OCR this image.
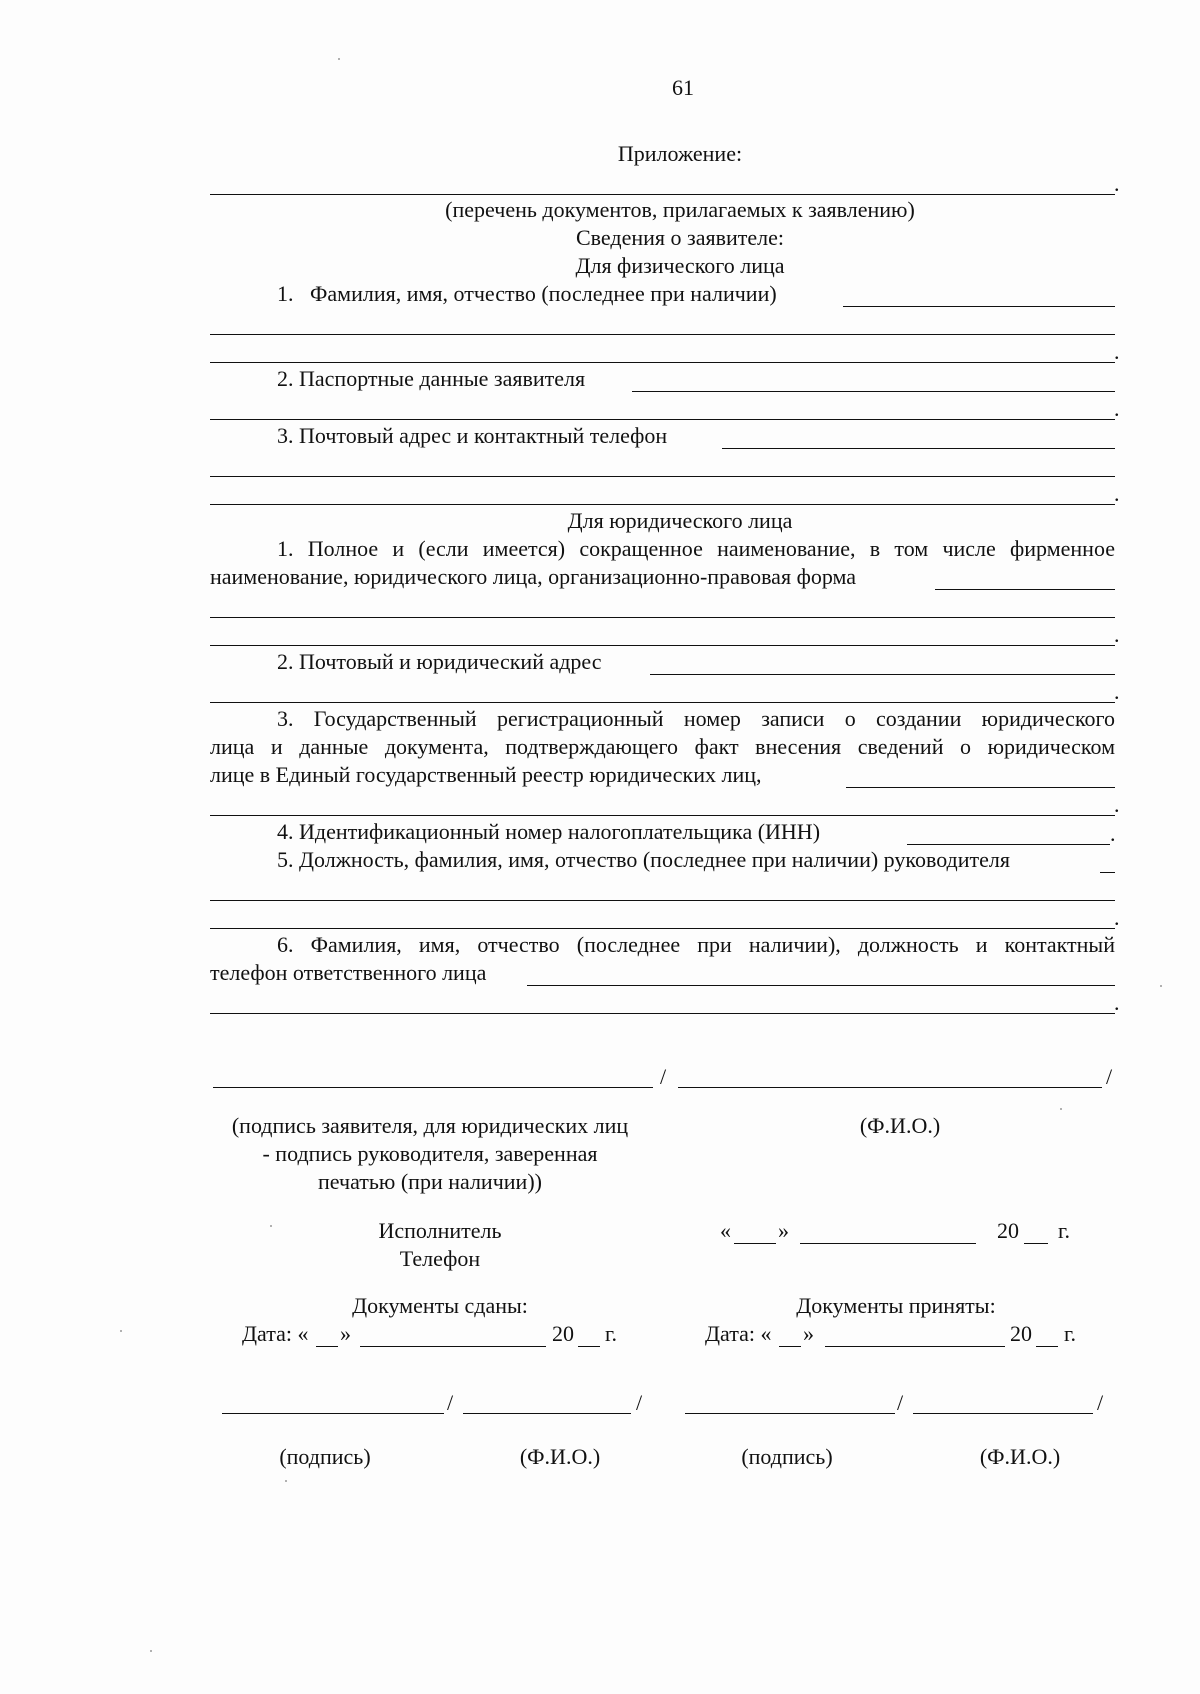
61
Приложение:
.
(перечень документов, прилагаемых к заявлению)
Сведения о заявителе:
Для физического лица
1.   Фамилия, имя, отчество (последнее при наличии)
.
2. Паспортные данные заявителя
.
3. Почтовый адрес и контактный телефон
.
Для юридического лица
1. Полное и (если имеется) сокращенное наименование, в том числе фирменное
наименование, юридического лица, организационно-правовая форма
.
2. Почтовый и юридический адрес
.
3. Государственный регистрационный номер записи о создании юридического
лица и данные документа, подтверждающего факт внесения сведений о юридическом
лице в Единый государственный реестр юридических лиц,
.
4. Идентификационный номер налогоплательщика (ИНН)	.
5. Должность, фамилия, имя, отчество (последнее при наличии) руководителя
.
6. Фамилия, имя, отчество (последнее при наличии), должность и контактный
телефон ответственного лица
.
/	/
(подпись заявителя, для юридических лиц
- подпись руководителя, заверенная
печатью (при наличии))
(Ф.И.О.)
Исполнитель
Телефон
« »	20 г.
Документы сданы:
Дата: « »	20 г.
Документы приняты:
Дата: « »	20 г.
/	/	/	/
(подпись)	(Ф.И.О.)	(подпись)	(Ф.И.О.)
